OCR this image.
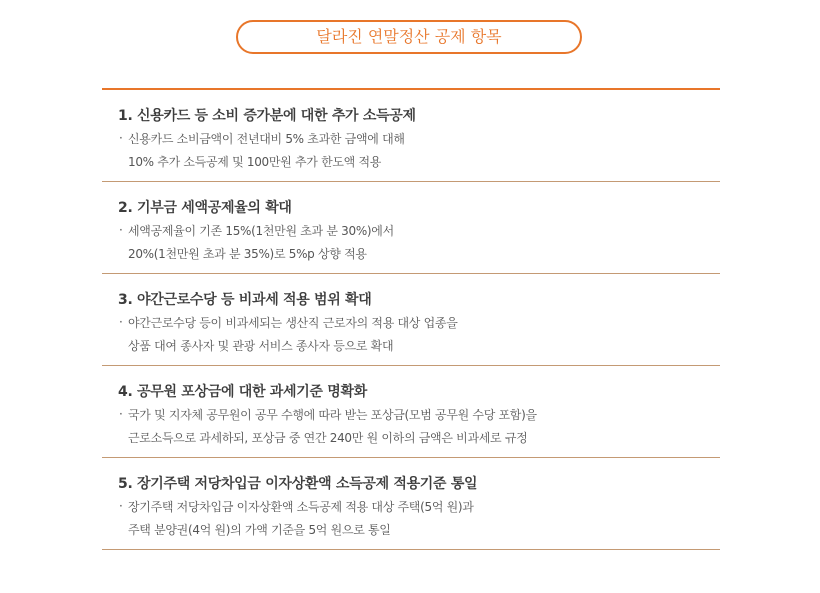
달라진 연말정산 공제 항목
1. 신용카드 등 소비 증가분에 대한 추가 소득공제
· 신용카드 소비금액이 전년대비 5% 초과한 금액에 대해
10% 추가 소득공제 및 100만원 추가 한도액 적용
2. 기부금 세액공제율의 확대
· 세액공제율이 기존 15%(1천만원 초과 분 30%)에서
20%(1천만원 초과 분 35%)로 5%p 상향 적용
3. 야간근로수당 등 비과세 적용 범위 확대
· 야간근로수당 등이 비과세되는 생산직 근로자의 적용 대상 업종을
상품 대여 종사자 및 관광 서비스 종사자 등으로 확대
4. 공무원 포상금에 대한 과세기준 명확화
· 국가 및 지자체 공무원이 공무 수행에 따라 받는 포상금(모범 공무원 수당 포함)을
근로소득으로 과세하되, 포상금 중 연간 240만 원 이하의 금액은 비과세로 규정
5. 장기주택 저당차입금 이자상환액 소득공제 적용기준 통일
· 장기주택 저당차입금 이자상환액 소득공제 적용 대상 주택(5억 원)과
주택 분양권(4억 원)의 가액 기준을 5억 원으로 통일
